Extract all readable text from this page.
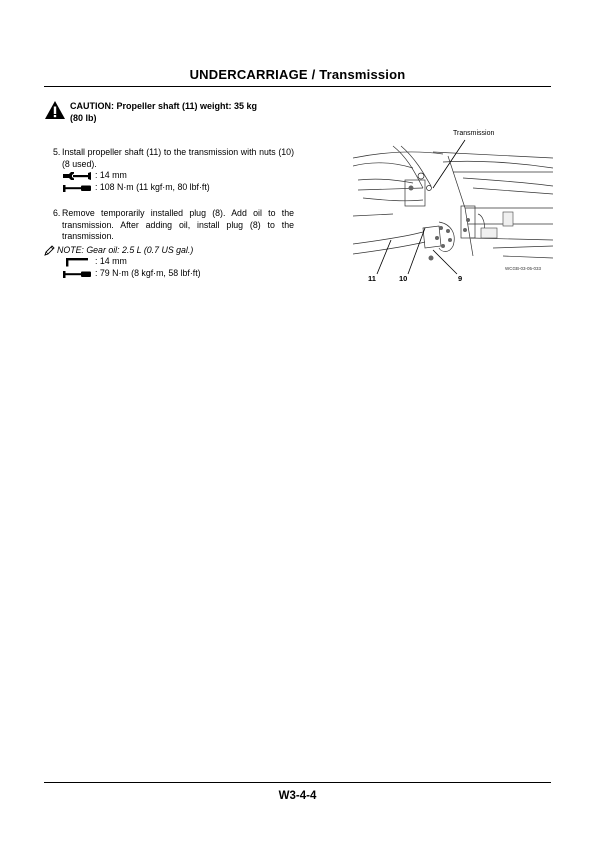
UNDERCARRIAGE / Transmission
CAUTION: Propeller shaft (11) weight: 35 kg
(80 lb)
5. Install propeller shaft (11) to the transmission with nuts (10) (8 used).
: 14 mm
: 108 N·m (11 kgf·m, 80 lbf·ft)
6. Remove temporarily installed plug (8). Add oil to the transmission. After adding oil, install plug (8) to the transmission.
NOTE: Gear oil: 2.5 L (0.7 US gal.)
: 14 mm
: 79 N·m (8 kgf·m, 58 lbf·ft)
Transmission
11	10	9
WCGB-03-05-033
W3-4-4
